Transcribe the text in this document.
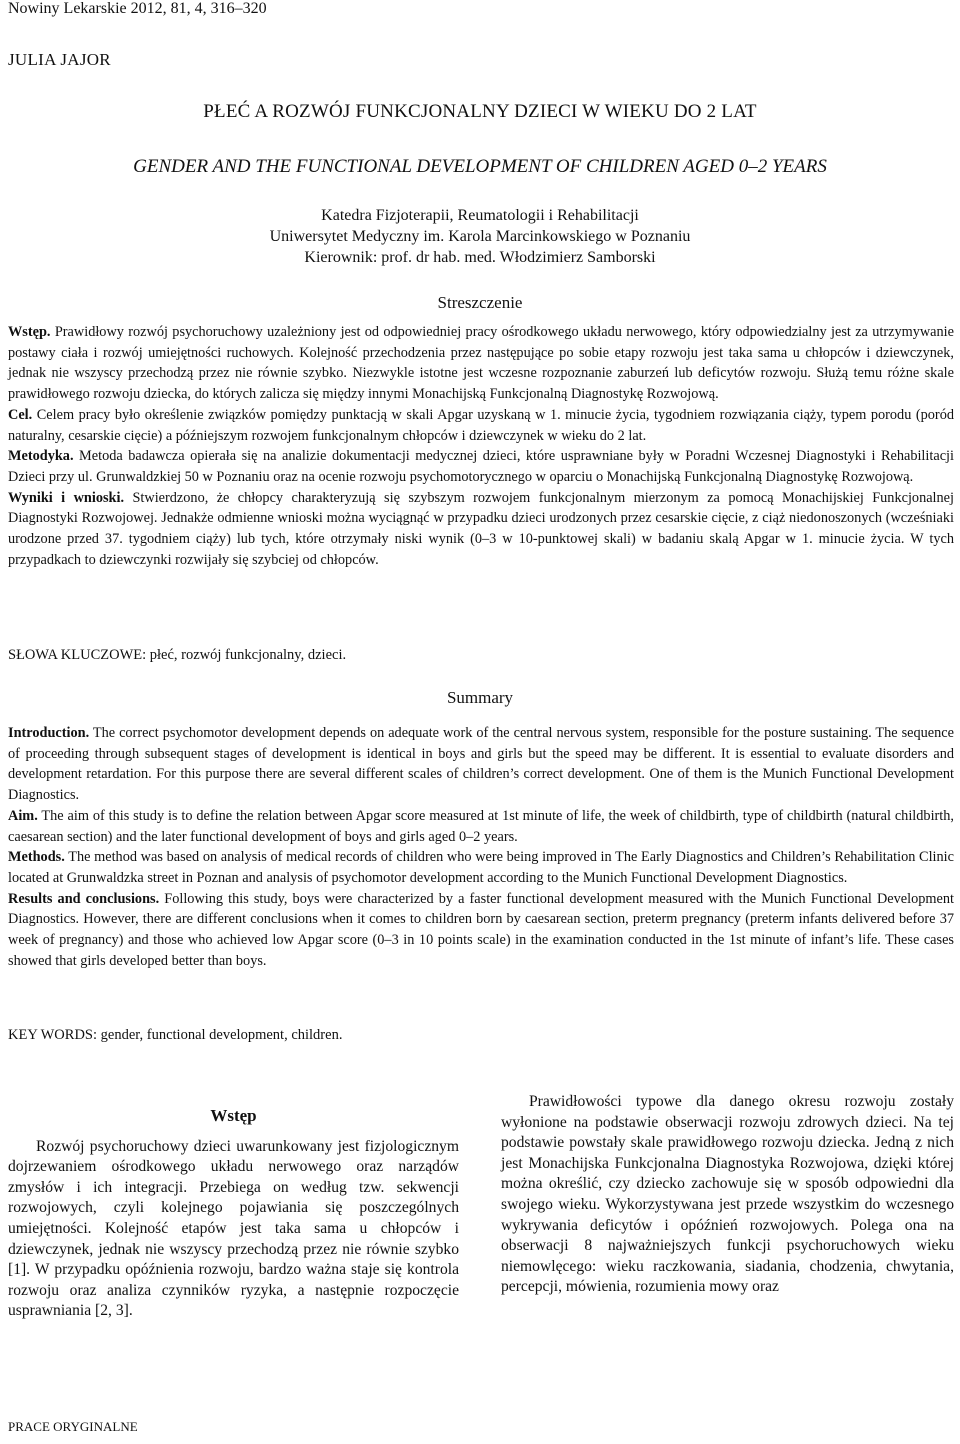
Nowiny Lekarskie 2012, 81, 4, 316–320
JULIA JAJOR
PŁEĆ A ROZWÓJ FUNKCJONALNY DZIECI W WIEKU DO 2 LAT
GENDER AND THE FUNCTIONAL DEVELOPMENT OF CHILDREN AGED 0–2 YEARS
Katedra Fizjoterapii, Reumatologii i Rehabilitacji
Uniwersytet Medyczny im. Karola Marcinkowskiego w Poznaniu
Kierownik: prof. dr hab. med. Włodzimierz Samborski
Streszczenie

Wstęp. Prawidłowy rozwój psychoruchowy uzależniony jest od odpowiedniej pracy ośrodkowego układu nerwowego, który odpowiedzialny jest za utrzymywanie postawy ciała i rozwój umiejętności ruchowych. Kolejność przechodzenia przez następujące po sobie etapy rozwoju jest taka sama u chłopców i dziewczynek, jednak nie wszyscy przechodzą przez nie równie szybko. Niezwykle istotne jest wczesne rozpoznanie zaburzeń lub deficytów rozwoju. Służą temu różne skale prawidłowego rozwoju dziecka, do których zalicza się między innymi Monachijską Funkcjonalną Diagnostykę Rozwojową.

Cel. Celem pracy było określenie związków pomiędzy punktacją w skali Apgar uzyskaną w 1. minucie życia, tygodniem rozwiązania ciąży, typem porodu (poród naturalny, cesarskie cięcie) a późniejszym rozwojem funkcjonalnym chłopców i dziewczynek w wieku do 2 lat.

Metodyka. Metoda badawcza opierała się na analizie dokumentacji medycznej dzieci, które usprawniane były w Poradni Wczesnej Diagnostyki i Rehabilitacji Dzieci przy ul. Grunwaldzkiej 50 w Poznaniu oraz na ocenie rozwoju psychomotorycznego w oparciu o Monachijską Funkcjonalną Diagnostykę Rozwojową.

Wyniki i wnioski. Stwierdzono, że chłopcy charakteryzują się szybszym rozwojem funkcjonalnym mierzonym za pomocą Monachijskiej Funkcjonalnej Diagnostyki Rozwojowej. Jednakże odmienne wnioski można wyciągnąć w przypadku dzieci urodzonych przez cesarskie cięcie, z ciąż niedonoszonych (wcześniaki urodzone przed 37. tygodniem ciąży) lub tych, które otrzymały niski wynik (0–3 w 10-punktowej skali) w badaniu skalą Apgar w 1. minucie życia. W tych przypadkach to dziewczynki rozwijały się szybciej od chłopców.

SŁOWA KLUCZOWE: płeć, rozwój funkcjonalny, dzieci.
Summary

Introduction. The correct psychomotor development depends on adequate work of the central nervous system, responsible for the posture sustaining. The sequence of proceeding through subsequent stages of development is identical in boys and girls but the speed may be different. It is essential to evaluate disorders and development retardation. For this purpose there are several different scales of children’s correct development. One of them is the Munich Functional Development Diagnostics.

Aim. The aim of this study is to define the relation between Apgar score measured at 1st minute of life, the week of childbirth, type of childbirth (natural childbirth, caesarean section) and the later functional development of boys and girls aged 0–2 years.

Methods. The method was based on analysis of medical records of children who were being improved in The Early Diagnostics and Children’s Rehabilitation Clinic located at Grunwaldzka street in Poznan and analysis of psychomotor development according to the Munich Functional Development Diagnostics.

Results and conclusions. Following this study, boys were characterized by a faster functional development measured with the Munich Functional Development Diagnostics. However, there are different conclusions when it comes to children born by caesarean section, preterm pregnancy (preterm infants delivered before 37 week of pregnancy) and those who achieved low Apgar score (0–3 in 10 points scale) in the examination conducted in the 1st minute of infant’s life. These cases showed that girls developed better than boys.

KEY WORDS: gender, functional development, children.
Wstęp

Rozwój psychoruchowy dzieci uwarunkowany jest fizjologicznym dojrzewaniem ośrodkowego układu nerwowego oraz narządów zmysłów i ich integracji. Przebiega on według tzw. sekwencji rozwojowych, czyli kolejnego pojawiania się poszczególnych umiejętności. Kolejność etapów jest taka sama u chłopców i dziewczynek, jednak nie wszyscy przechodzą przez nie równie szybko [1]. W przypadku opóźnienia rozwoju, bardzo ważna staje się kontrola rozwoju oraz analiza czynników ryzyka, a następnie rozpoczęcie usprawniania [2, 3].

Prawidłowości typowe dla danego okresu rozwoju zostały wyłonione na podstawie obserwacji rozwoju zdrowych dzieci. Na tej podstawie powstały skale prawidłowego rozwoju dziecka. Jedną z nich jest Monachijska Funkcjonalna Diagnostyka Rozwojowa, dzięki której można określić, czy dziecko zachowuje się w sposób odpowiedni dla swojego wieku. Wykorzystywana jest przede wszystkim do wczesnego wykrywania deficytów i opóźnień rozwojowych. Polega ona na obserwacji 8 najważniejszych funkcji psychoruchowych wieku niemowlęcego: wieku raczkowania, siadania, chodzenia, chwytania, percepcji, mówienia, rozumienia mowy oraz

PRACE ORYGINALNE
